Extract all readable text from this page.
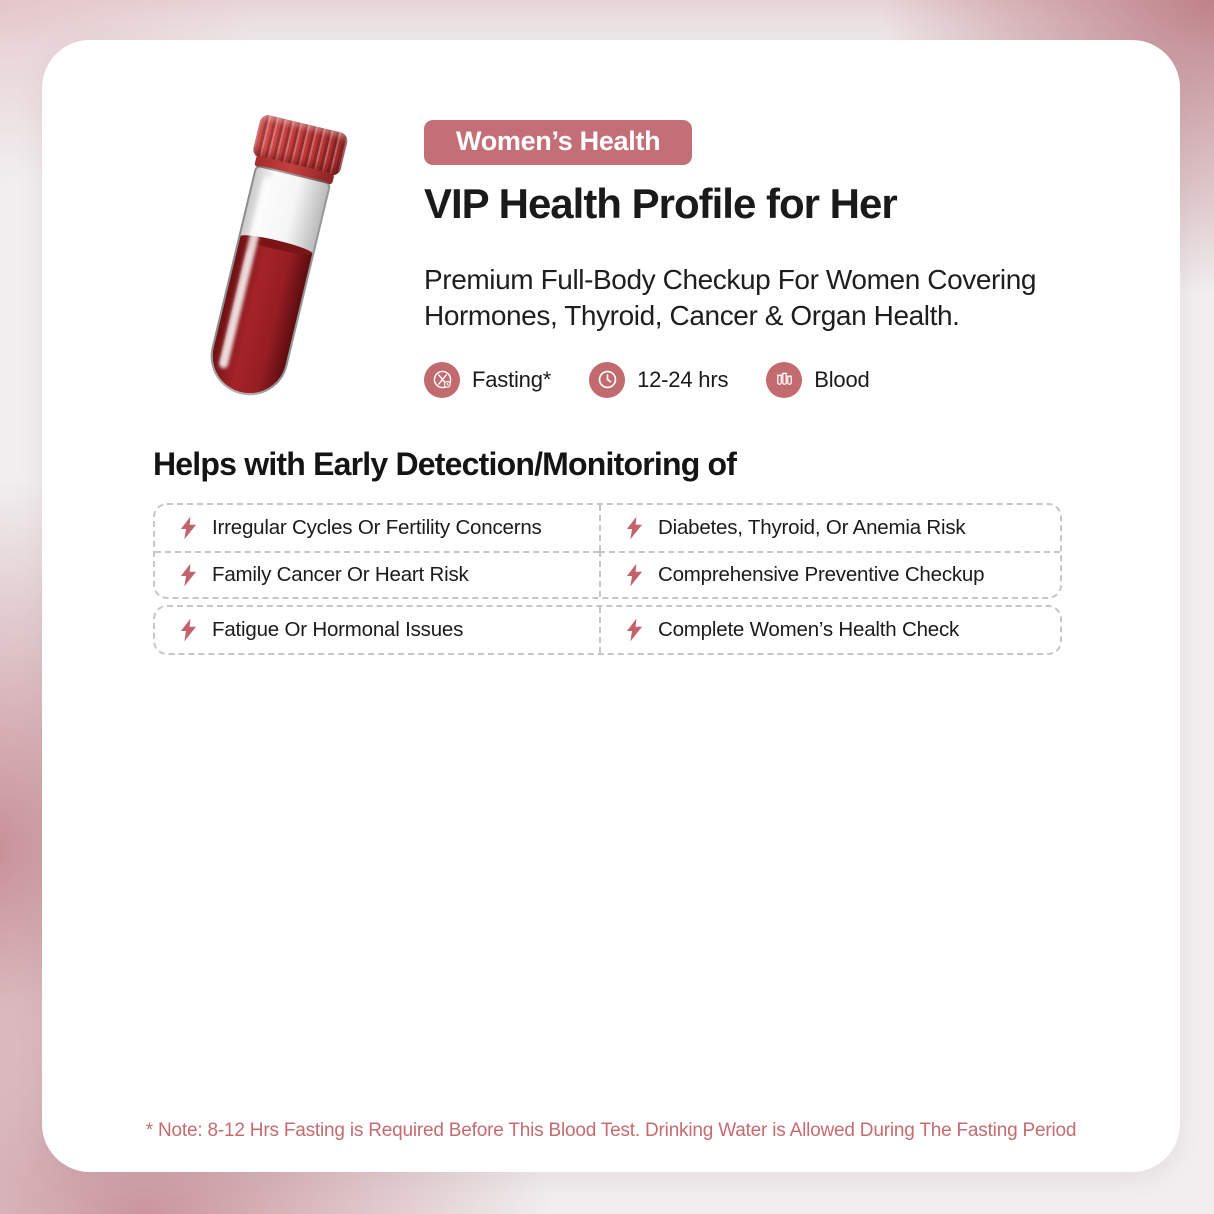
Women’s Health
VIP Health Profile for Her

Premium Full-Body Checkup For Women Covering
Hormones, Thyroid, Cancer & Organ Health.

Fasting*	12-24 hrs	Blood
Helps with Early Detection/Monitoring of
Irregular Cycles Or Fertility Concerns	Diabetes, Thyroid, Or Anemia Risk
Family Cancer Or Heart Risk	Comprehensive Preventive Checkup
Fatigue Or Hormonal Issues	Complete Women’s Health Check

* Note: 8-12 Hrs Fasting is Required Before This Blood Test. Drinking Water is Allowed During The Fasting Period
